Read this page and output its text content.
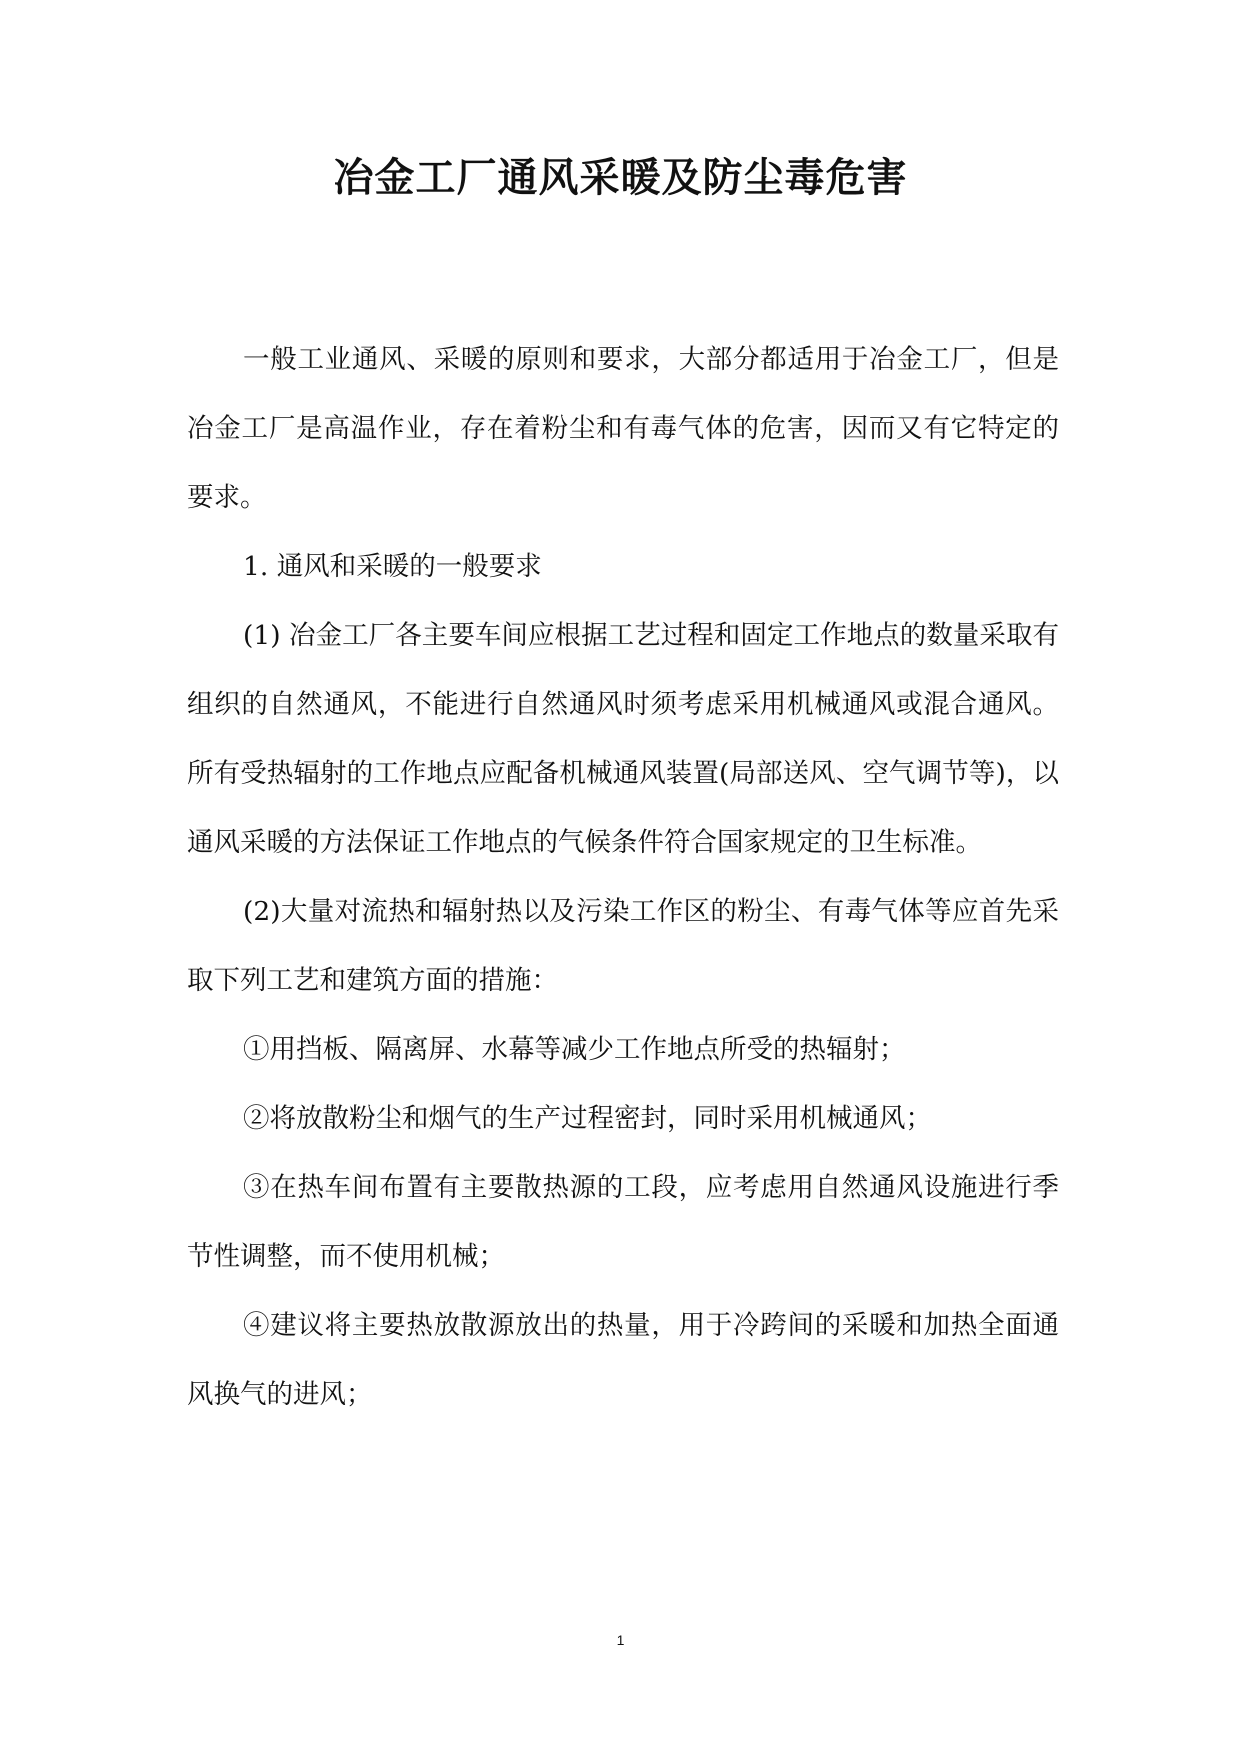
冶金工厂通风采暖及防尘毒危害

一般工业通风、采暖的原则和要求，大部分都适用于冶金工厂，但是冶金工厂是高温作业，存在着粉尘和有毒气体的危害，因而又有它特定的要求。

1. 通风和采暖的一般要求

(1) 冶金工厂各主要车间应根据工艺过程和固定工作地点的数量采取有组织的自然通风，不能进行自然通风时须考虑采用机械通风或混合通风。所有受热辐射的工作地点应配备机械通风装置(局部送风、空气调节等)，以通风采暖的方法保证工作地点的气候条件符合国家规定的卫生标准。

(2)大量对流热和辐射热以及污染工作区的粉尘、有毒气体等应首先采取下列工艺和建筑方面的措施：

①用挡板、隔离屏、水幕等减少工作地点所受的热辐射；

②将放散粉尘和烟气的生产过程密封，同时采用机械通风；

③在热车间布置有主要散热源的工段，应考虑用自然通风设施进行季节性调整，而不使用机械；

④建议将主要热放散源放出的热量，用于冷跨间的采暖和加热全面通风换气的进风；

1
